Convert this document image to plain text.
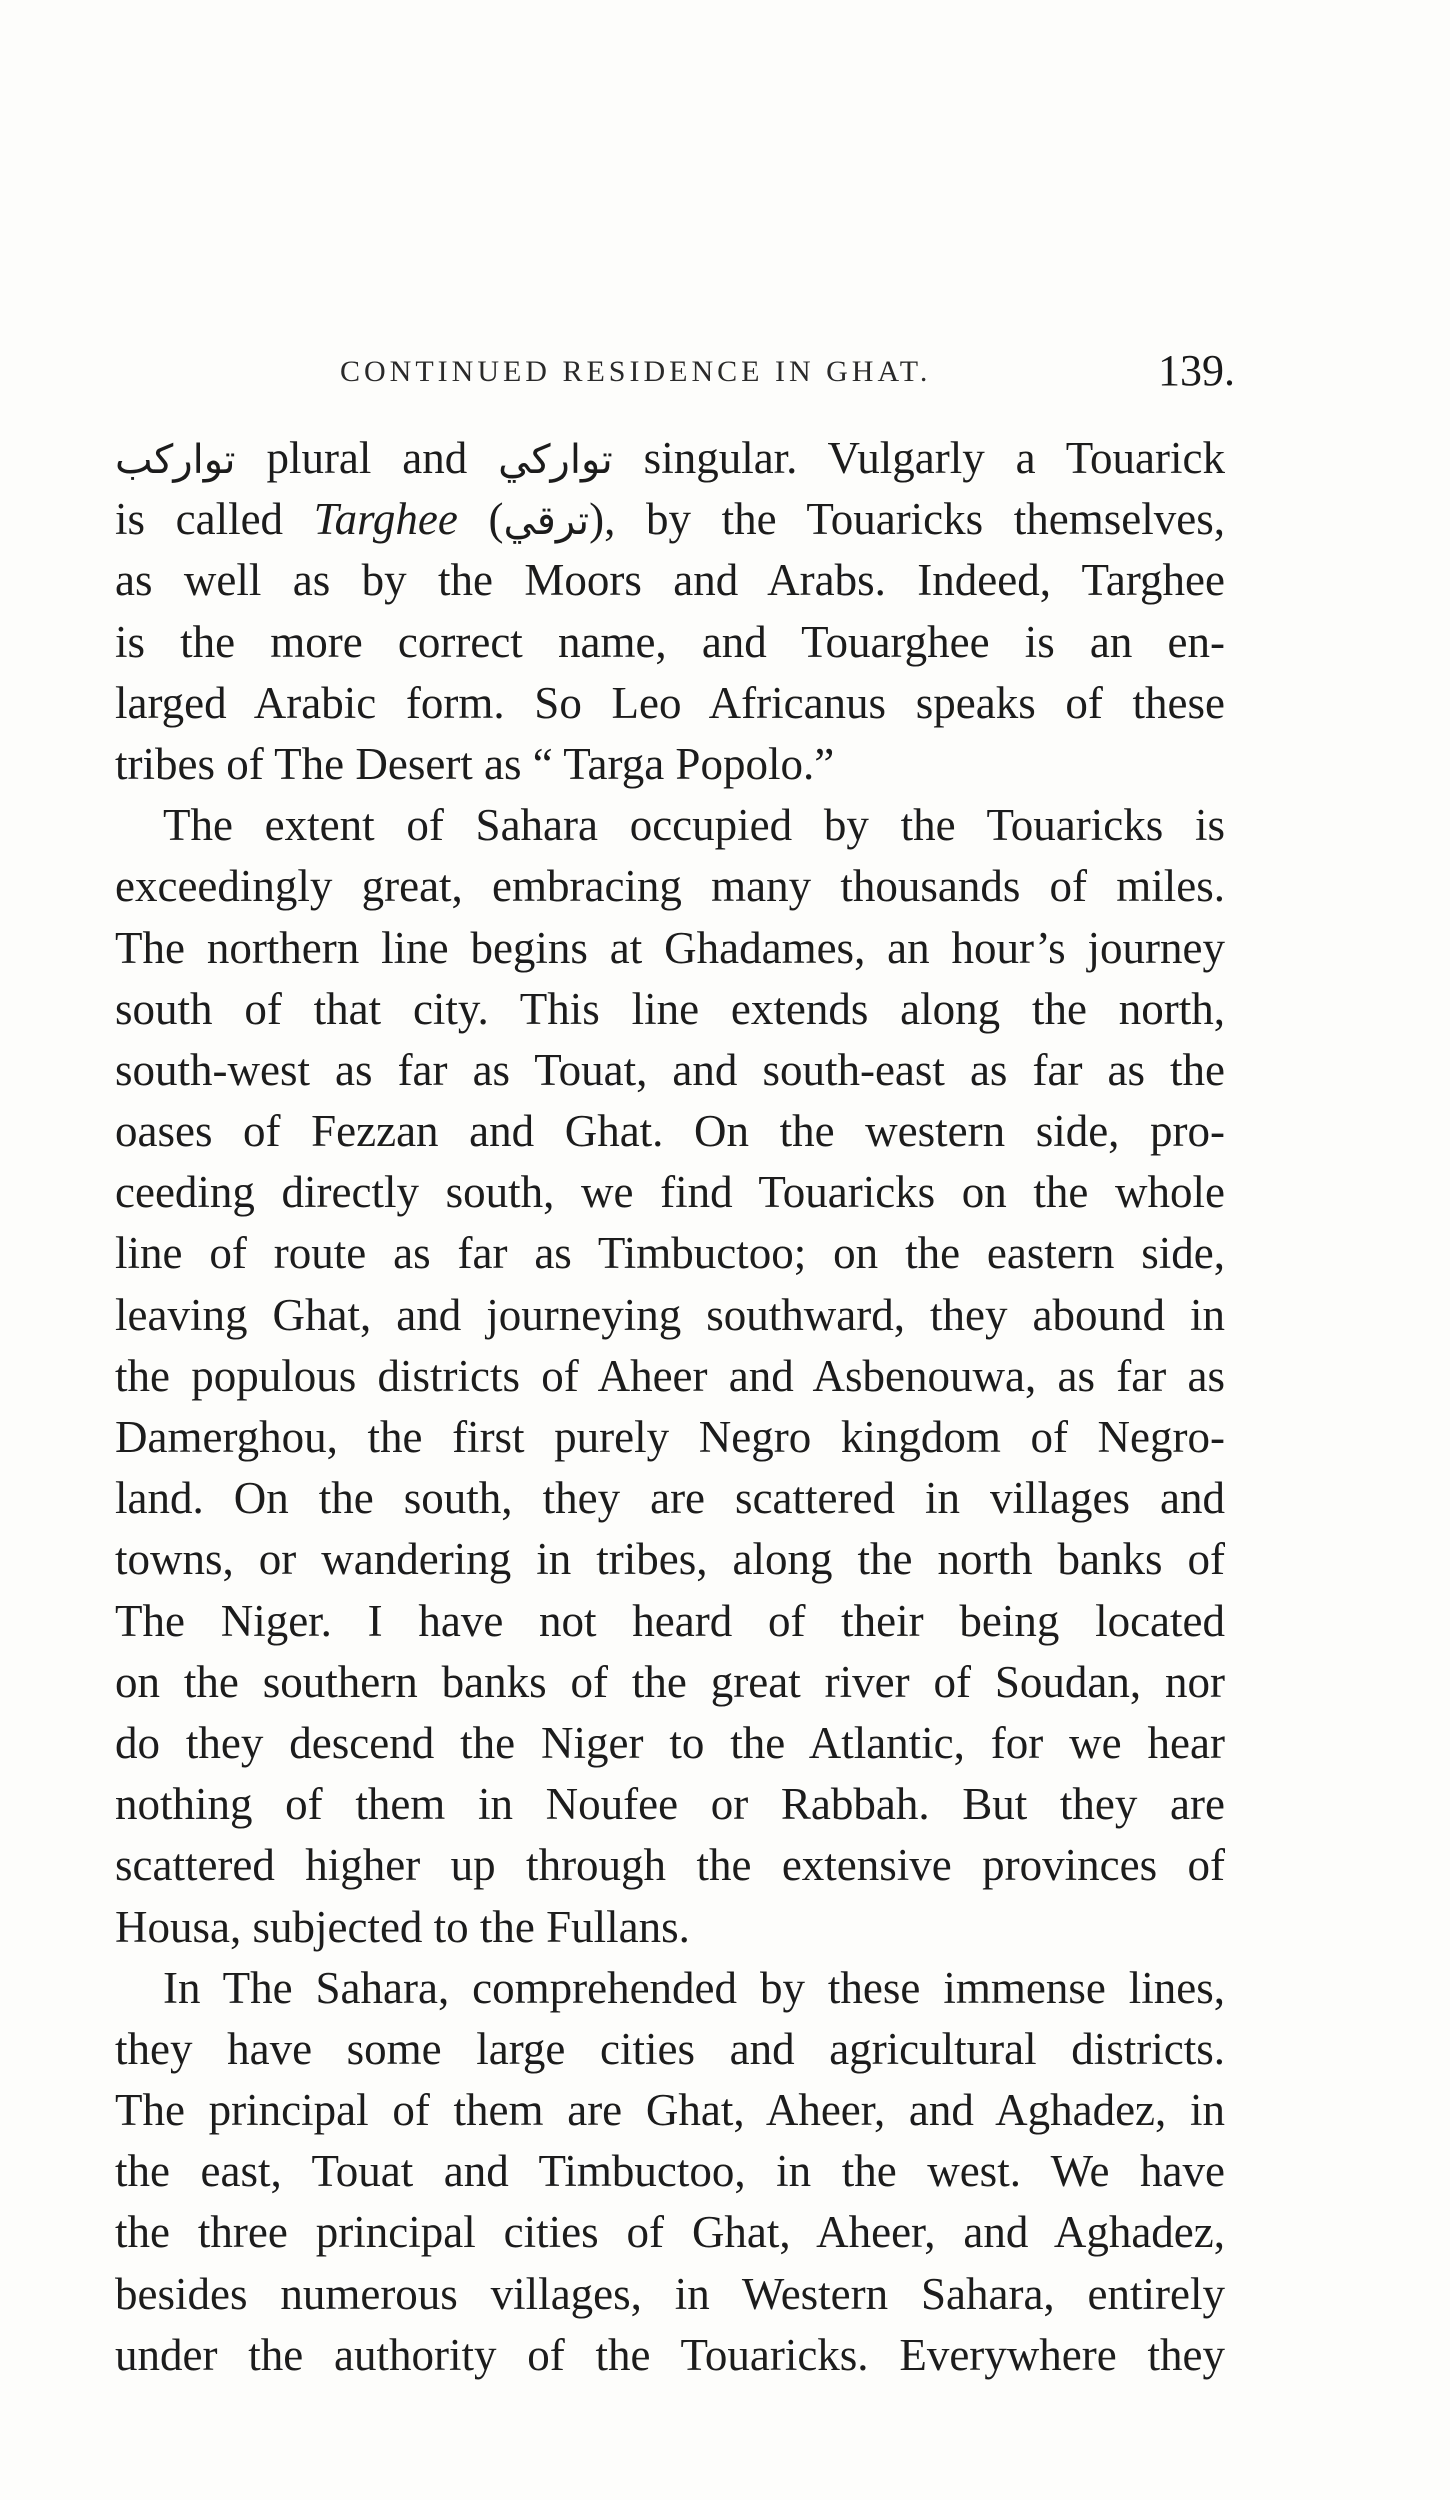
CONTINUED RESIDENCE IN GHAT.	139.
تواركب plural and تواركي singular. Vulgarly a Touarick
is called Targhee (ترقي), by the Touaricks themselves,
as well as by the Moors and Arabs. Indeed, Targhee
is the more correct name, and Touarghee is an en-
larged Arabic form. So Leo Africanus speaks of these
tribes of The Desert as “ Targa Popolo.”
The extent of Sahara occupied by the Touaricks is
exceedingly great, embracing many thousands of miles.
The northern line begins at Ghadames, an hour’s journey
south of that city. This line extends along the north,
south-west as far as Touat, and south-east as far as the
oases of Fezzan and Ghat. On the western side, pro-
ceeding directly south, we find Touaricks on the whole
line of route as far as Timbuctoo; on the eastern side,
leaving Ghat, and journeying southward, they abound in
the populous districts of Aheer and Asbenouwa, as far as
Damerghou, the first purely Negro kingdom of Negro-
land. On the south, they are scattered in villages and
towns, or wandering in tribes, along the north banks of
The Niger. I have not heard of their being located
on the southern banks of the great river of Soudan, nor
do they descend the Niger to the Atlantic, for we hear
nothing of them in Noufee or Rabbah. But they are
scattered higher up through the extensive provinces of
Housa, subjected to the Fullans.
In The Sahara, comprehended by these immense lines,
they have some large cities and agricultural districts.
The principal of them are Ghat, Aheer, and Aghadez, in
the east, Touat and Timbuctoo, in the west. We have
the three principal cities of Ghat, Aheer, and Aghadez,
besides numerous villages, in Western Sahara, entirely
under the authority of the Touaricks. Everywhere they
